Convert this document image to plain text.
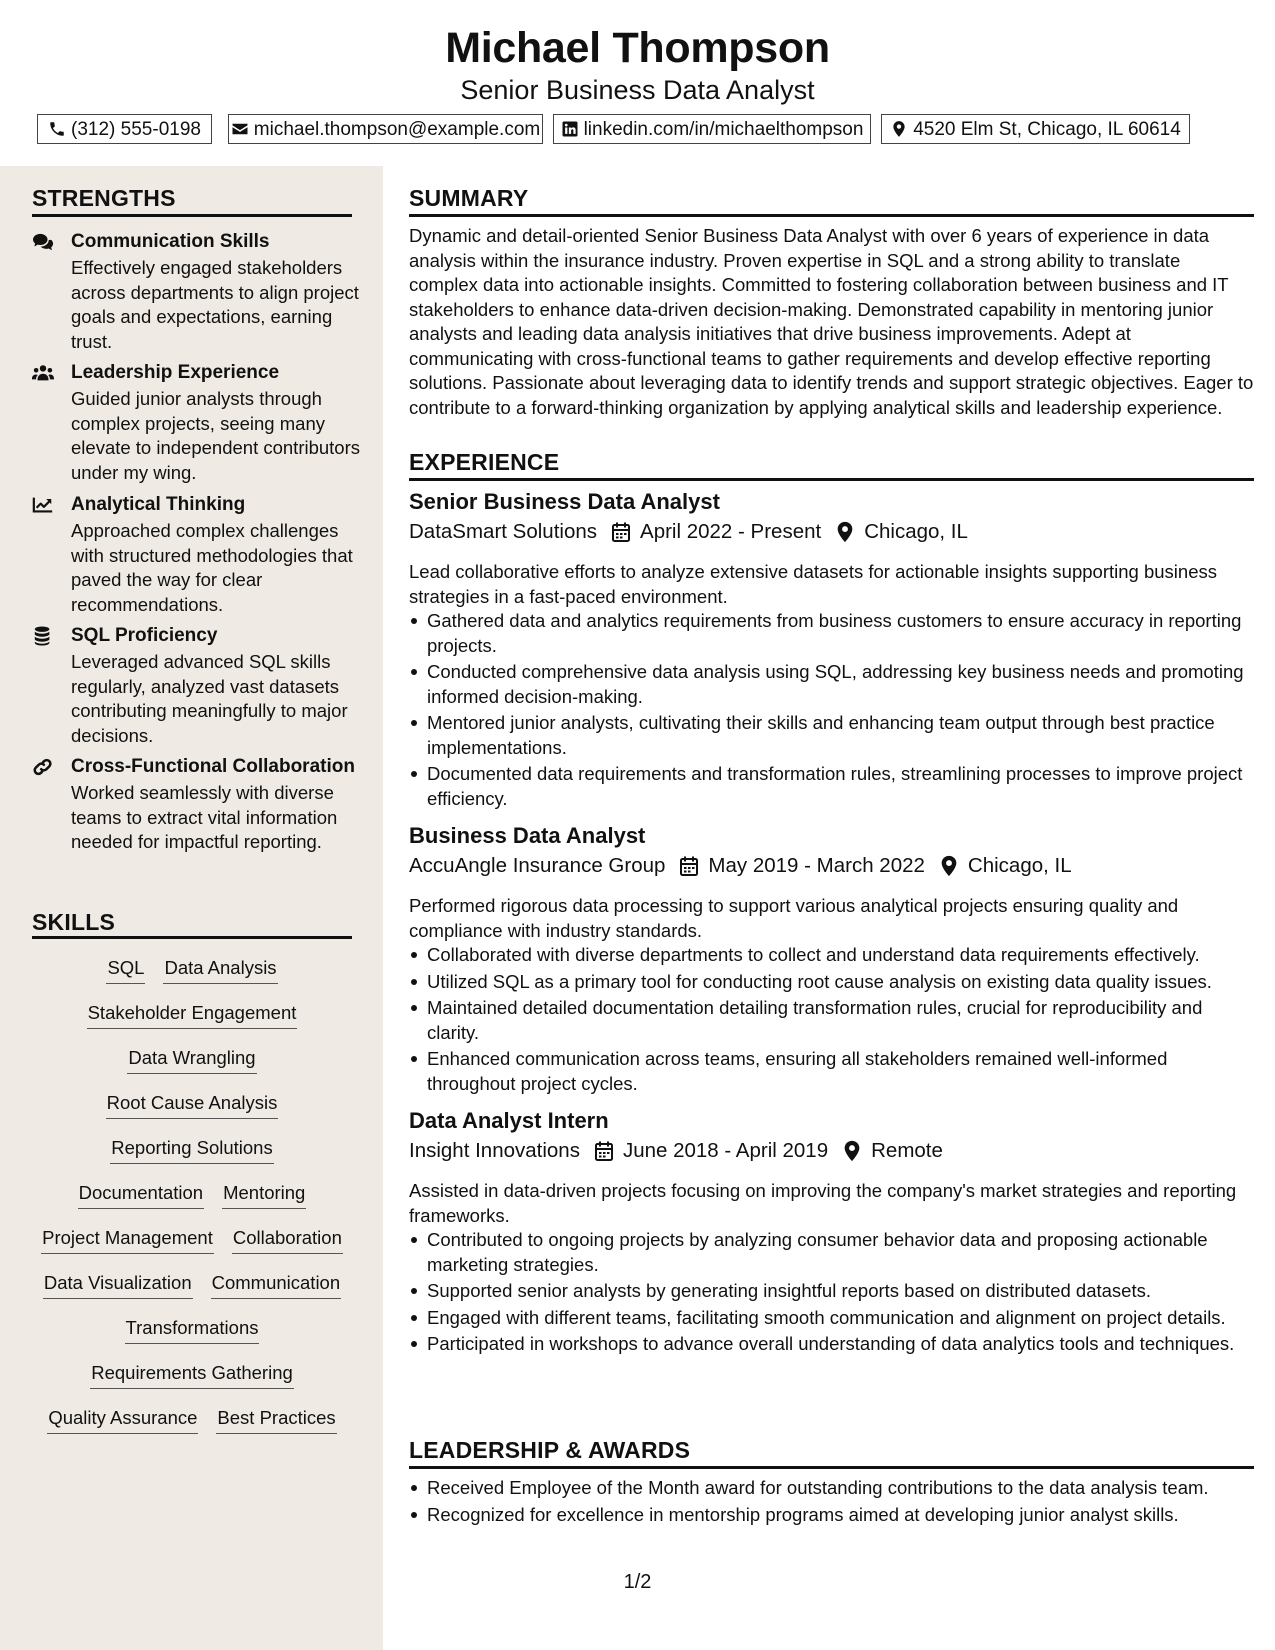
Michael Thompson
Senior Business Data Analyst
(312) 555-0198	michael.thompson@example.com linkedin.com/in/michaelthompson	4520 Elm St, Chicago, IL 60614
STRENGTHS
Communication Skills
Effectively engaged stakeholders across departments to align project goals and expectations, earning trust.
Leadership Experience
Guided junior analysts through complex projects, seeing many elevate to independent contributors under my wing.
Analytical Thinking
Approached complex challenges with structured methodologies that paved the way for clear recommendations.
SQL Proficiency
Leveraged advanced SQL skills regularly, analyzed vast datasets contributing meaningfully to major decisions.
Cross-Functional Collaboration
Worked seamlessly with diverse teams to extract vital information needed for impactful reporting.
SKILLS
SQL Data Analysis
Stakeholder Engagement
Data Wrangling
Root Cause Analysis
Reporting Solutions
Documentation Mentoring
Project Management Collaboration
Data Visualization Communication
Transformations
Requirements Gathering
Quality Assurance Best Practices
SUMMARY
Dynamic and detail-oriented Senior Business Data Analyst with over 6 years of experience in data analysis within the insurance industry. Proven expertise in SQL and a strong ability to translate complex data into actionable insights. Committed to fostering collaboration between business and IT stakeholders to enhance data-driven decision-making. Demonstrated capability in mentoring junior analysts and leading data analysis initiatives that drive business improvements. Adept at communicating with cross-functional teams to gather requirements and develop effective reporting solutions. Passionate about leveraging data to identify trends and support strategic objectives. Eager to contribute to a forward-thinking organization by applying analytical skills and leadership experience.
EXPERIENCE
Senior Business Data Analyst
DataSmart Solutions April 2022 - Present Chicago, IL
Lead collaborative efforts to analyze extensive datasets for actionable insights supporting business strategies in a fast-paced environment.
Gathered data and analytics requirements from business customers to ensure accuracy in reporting projects.
Conducted comprehensive data analysis using SQL, addressing key business needs and promoting informed decision-making.
Mentored junior analysts, cultivating their skills and enhancing team output through best practice implementations.
Documented data requirements and transformation rules, streamlining processes to improve project efficiency.
Business Data Analyst
AccuAngle Insurance Group May 2019 - March 2022 Chicago, IL
Performed rigorous data processing to support various analytical projects ensuring quality and compliance with industry standards.
Collaborated with diverse departments to collect and understand data requirements effectively.
Utilized SQL as a primary tool for conducting root cause analysis on existing data quality issues.
Maintained detailed documentation detailing transformation rules, crucial for reproducibility and clarity.
Enhanced communication across teams, ensuring all stakeholders remained well-informed throughout project cycles.
Data Analyst Intern
Insight Innovations June 2018 - April 2019 Remote
Assisted in data-driven projects focusing on improving the company's market strategies and reporting frameworks.
Contributed to ongoing projects by analyzing consumer behavior data and proposing actionable marketing strategies.
Supported senior analysts by generating insightful reports based on distributed datasets.
Engaged with different teams, facilitating smooth communication and alignment on project details.
Participated in workshops to advance overall understanding of data analytics tools and techniques.
LEADERSHIP & AWARDS
Received Employee of the Month award for outstanding contributions to the data analysis team.
Recognized for excellence in mentorship programs aimed at developing junior analyst skills.
1/2
